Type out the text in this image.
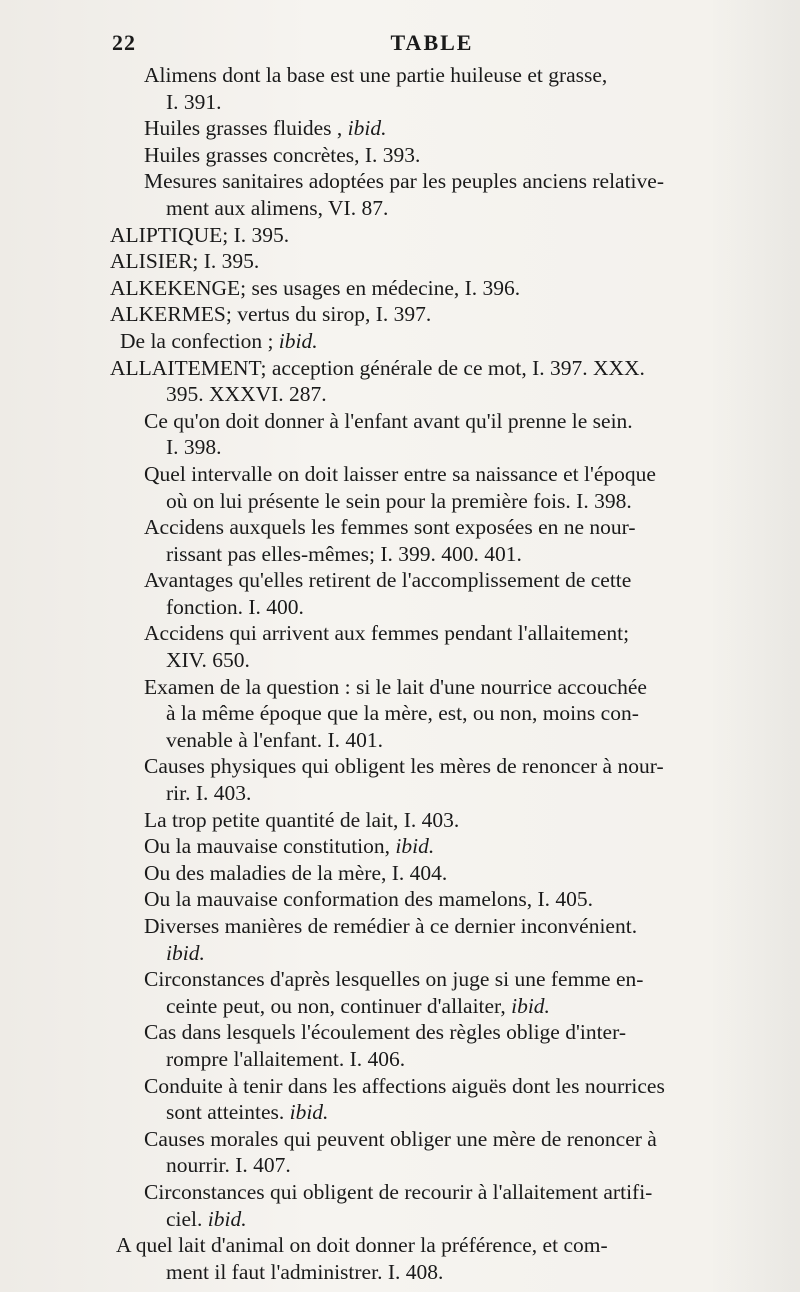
22	TABLE

Alimens dont la base est une partie huileuse et grasse,
I. 391.

Huiles grasses fluides , ibid.

Huiles grasses concrètes, I. 393.

Mesures sanitaires adoptées par les peuples anciens relative-
ment aux alimens, VI. 87.

ALIPTIQUE; I. 395.

ALISIER; I. 395.

ALKEKENGE; ses usages en médecine, I. 396.

ALKERMES; vertus du sirop, I. 397.

De la confection ; ibid.

ALLAITEMENT; acception générale de ce mot, I. 397. XXX.
395. XXXVI. 287.

Ce qu'on doit donner à l'enfant avant qu'il prenne le sein.
I. 398.

Quel intervalle on doit laisser entre sa naissance et l'époque
où on lui présente le sein pour la première fois. I. 398.

Accidens auxquels les femmes sont exposées en ne nour-
rissant pas elles-mêmes; I. 399. 400. 401.

Avantages qu'elles retirent de l'accomplissement de cette
fonction. I. 400.

Accidens qui arrivent aux femmes pendant l'allaitement;
XIV. 650.

Examen de la question : si le lait d'une nourrice accouchée
à la même époque que la mère, est, ou non, moins con-
venable à l'enfant. I. 401.

Causes physiques qui obligent les mères de renoncer à nour-
rir. I. 403.

La trop petite quantité de lait, I. 403.

Ou la mauvaise constitution, ibid.

Ou des maladies de la mère, I. 404.

Ou la mauvaise conformation des mamelons, I. 405.

Diverses manières de remédier à ce dernier inconvénient.
ibid.

Circonstances d'après lesquelles on juge si une femme en-
ceinte peut, ou non, continuer d'allaiter, ibid.

Cas dans lesquels l'écoulement des règles oblige d'inter-
rompre l'allaitement. I. 406.

Conduite à tenir dans les affections aiguës dont les nourrices
sont atteintes. ibid.

Causes morales qui peuvent obliger une mère de renoncer à
nourrir. I. 407.

Circonstances qui obligent de recourir à l'allaitement artifi-
ciel. ibid.

A quel lait d'animal on doit donner la préférence, et com-
ment il faut l'administrer. I. 408.
